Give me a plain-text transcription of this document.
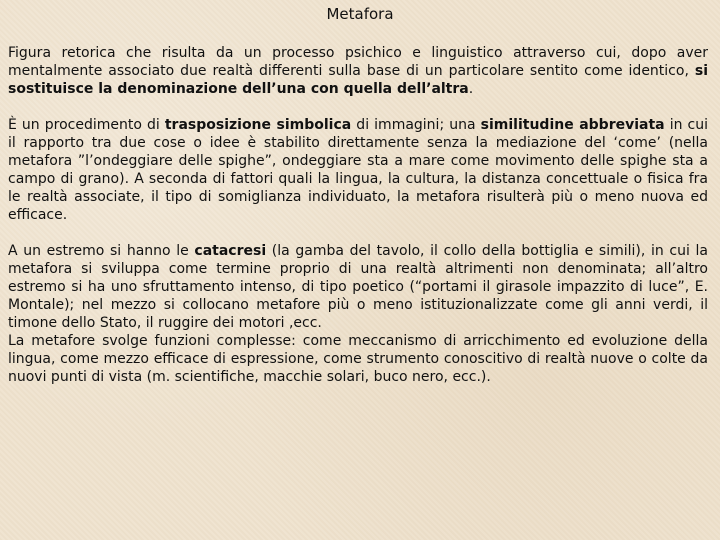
Metafora

Figura retorica che risulta da un processo psichico e linguistico attraverso cui, dopo aver mentalmente associato due realtà differenti sulla base di un particolare sentito come identico, si sostituisce la denominazione dell’una con quella dell’altra.

È un procedimento di trasposizione simbolica di immagini; una similitudine abbreviata in cui il rapporto tra due cose o idee è stabilito direttamente senza la mediazione del ‘come’ (nella metafora ”l’ondeggiare delle spighe”, ondeggiare sta a mare come movimento delle spighe sta a campo di grano). A seconda di fattori quali la lingua, la cultura, la distanza concettuale o fisica fra le realtà associate, il tipo di somiglianza individuato, la metafora risulterà più o meno nuova ed efficace.

A un estremo si hanno le catacresi (la gamba del tavolo, il collo della bottiglia e simili), in cui la metafora si sviluppa come termine proprio di una realtà altrimenti non denominata; all’altro estremo si ha uno sfruttamento intenso, di tipo poetico (“portami il girasole impazzito di luce”, E. Montale); nel mezzo si collocano metafore più o meno istituzionalizzate come gli anni verdi, il timone dello Stato, il ruggire dei motori ,ecc.

La metafore svolge funzioni complesse: come meccanismo di arricchimento ed evoluzione della lingua, come mezzo efficace di espressione, come strumento conoscitivo di realtà nuove o colte da nuovi punti di vista (m. scientifiche, macchie solari, buco nero, ecc.).
